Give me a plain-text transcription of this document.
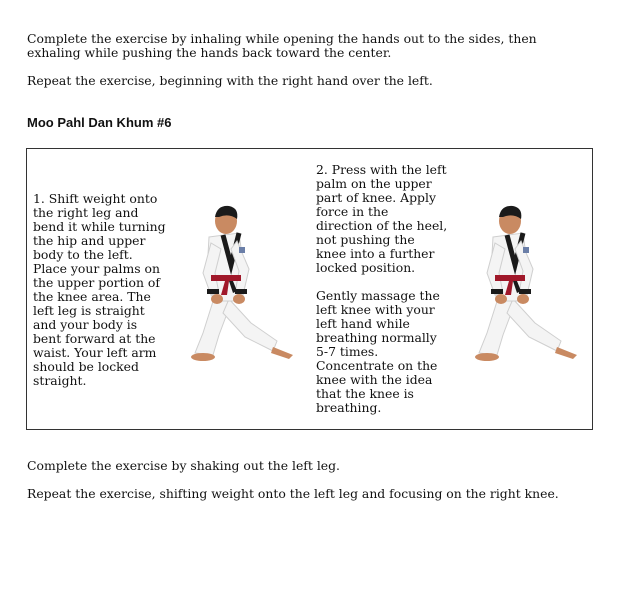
Complete the exercise by inhaling while opening the hands out to the sides, then exhaling while pushing the hands back toward the center.

Repeat the exercise, beginning with the right hand over the left.

Moo Pahl Dan Khum #6

1. Shift weight onto the right leg and bend it while turning the hip and upper body to the left. Place your palms on the upper portion of the knee area. The left leg is straight and your body is bent forward at the waist. Your left arm should be locked straight.

2. Press with the left palm on the upper part of knee. Apply force in the direction of the heel, not pushing the knee into a further locked position.

Gently massage the left knee with your left hand while breathing normally 5-7 times. Concentrate on the knee with the idea that the knee is breathing.

Complete the exercise by shaking out the left leg.

Repeat the exercise, shifting weight onto the left leg and focusing on the right knee.
